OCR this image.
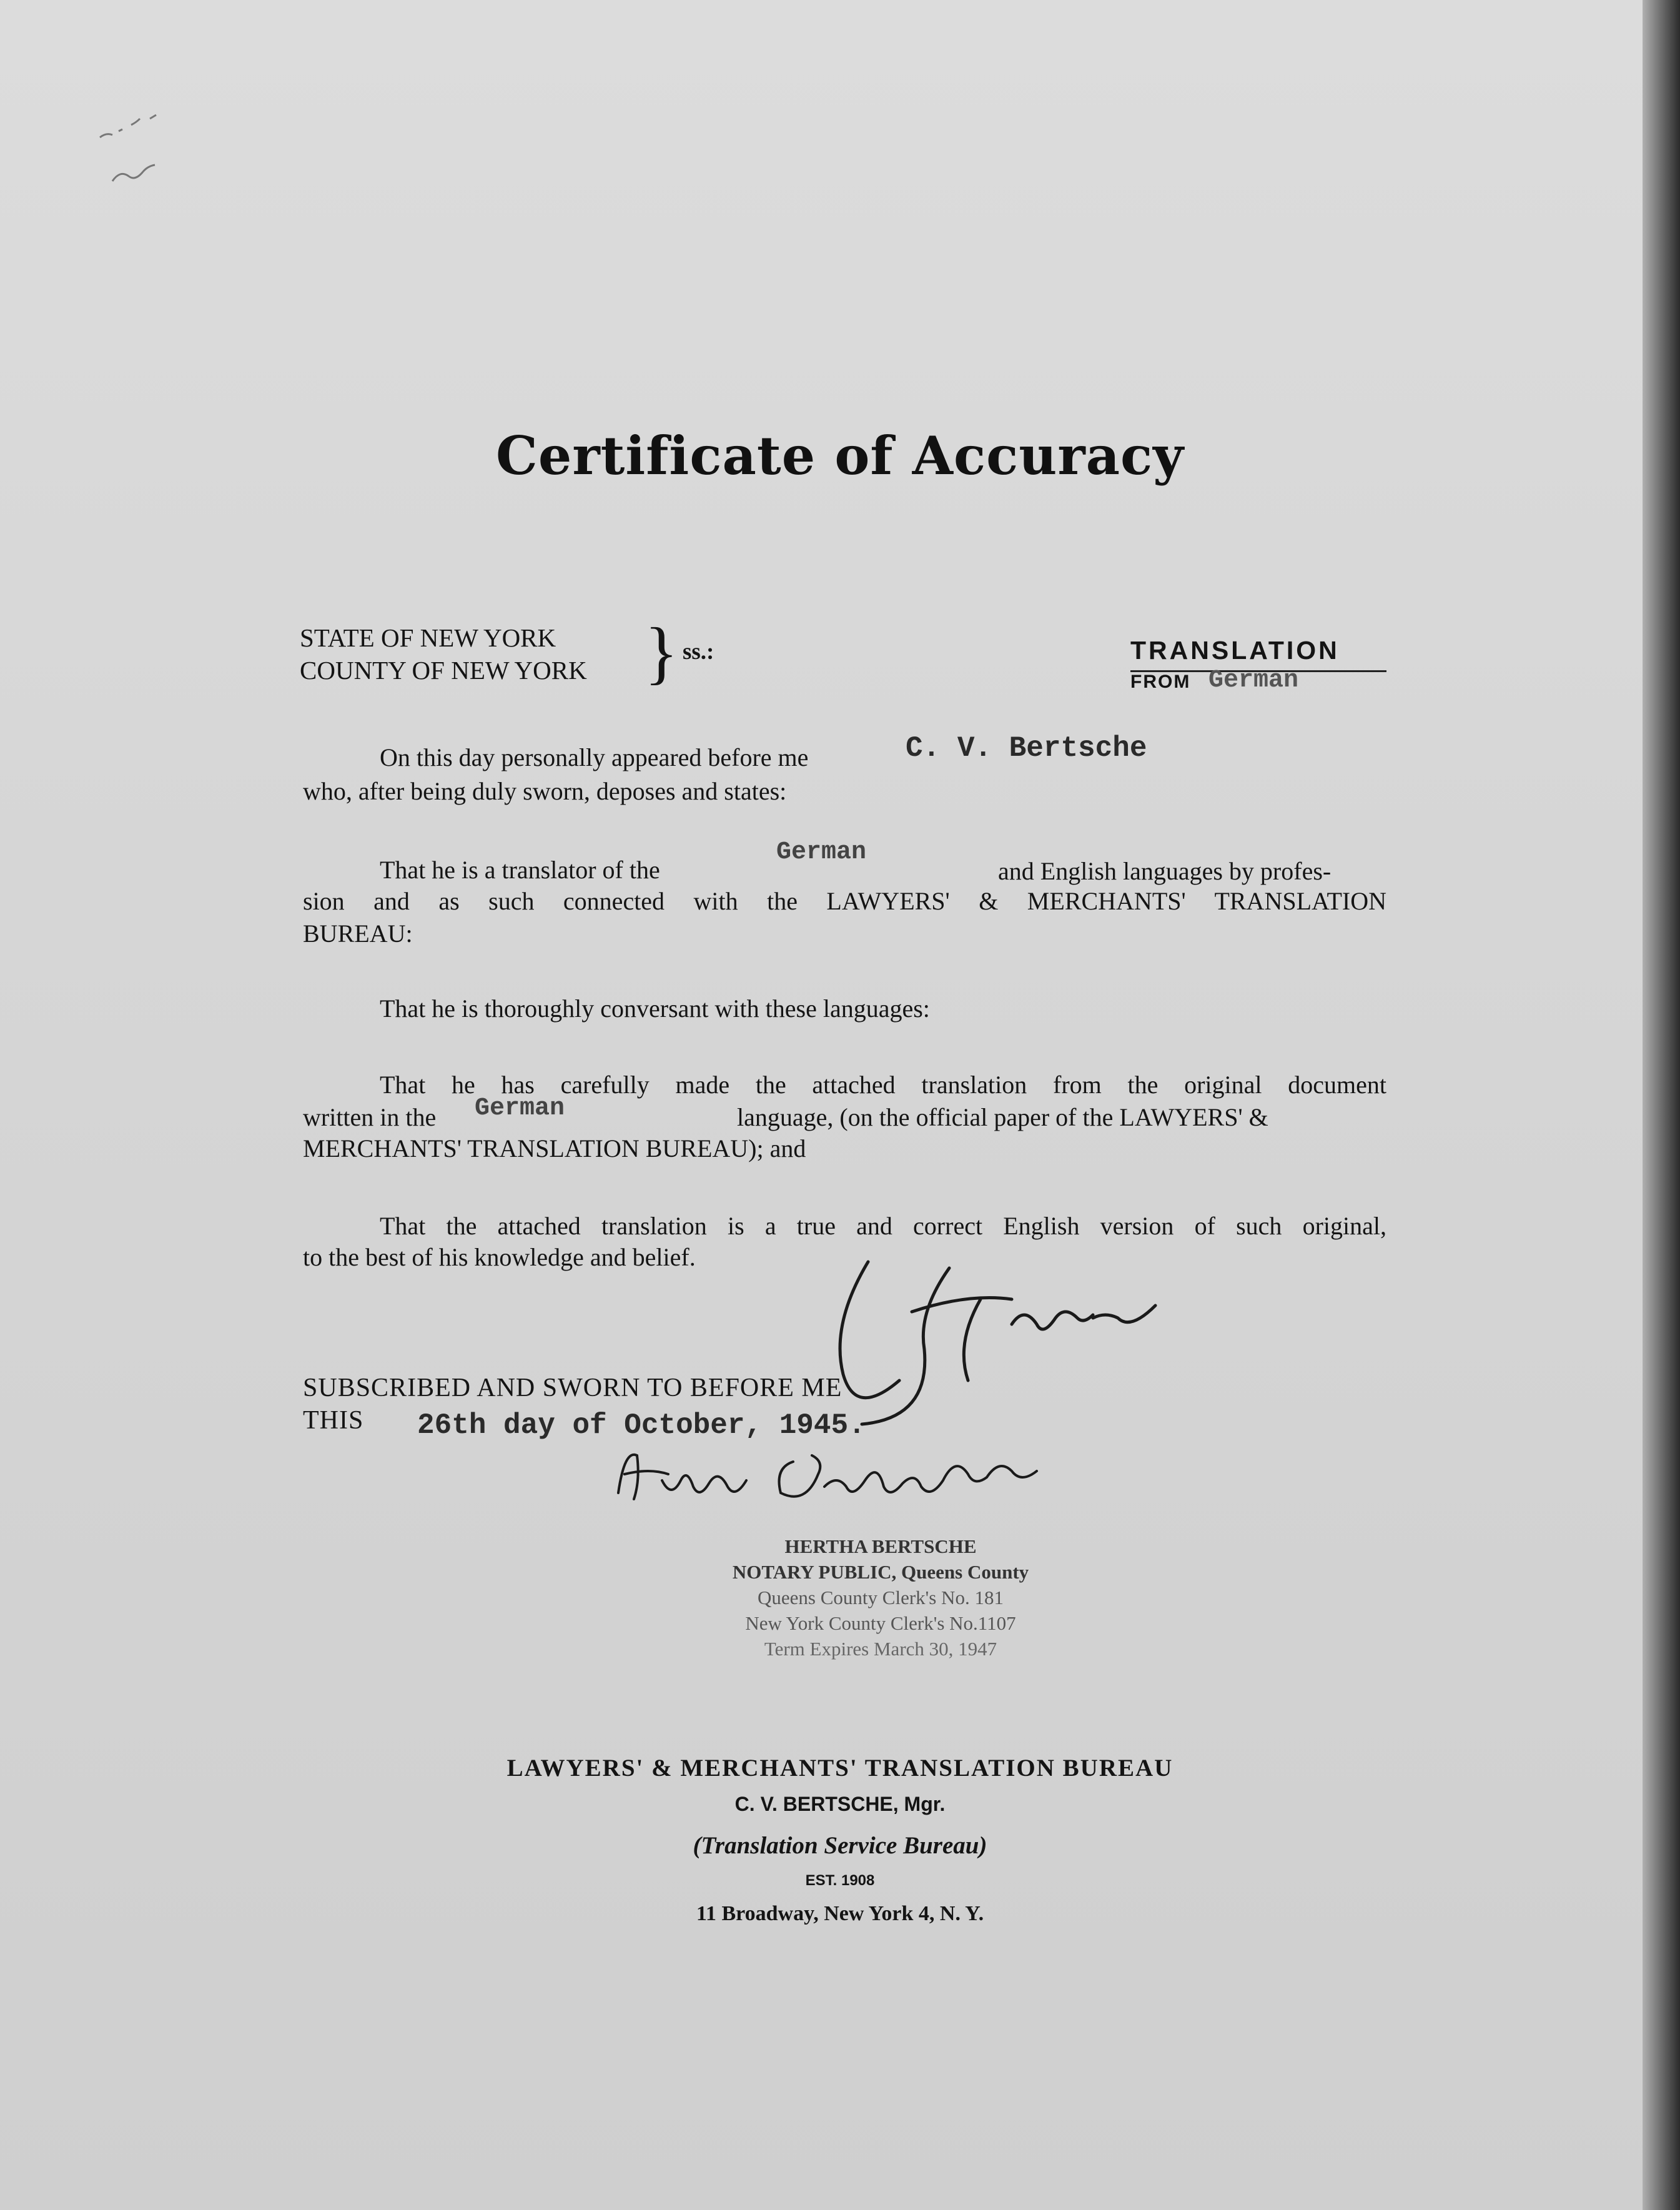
Certificate of Accuracy
STATE OF NEW YORK
COUNTY OF NEW YORK } ss.:	TRANSLATION
FROM German
On this day personally appeared before me	C. V. Bertsche
who, after being duly sworn, deposes and states:
That he is a translator of the
German
and English languages by profes-
sion and as such connected with the LAWYERS' & MERCHANTS' TRANSLATION
BUREAU:
That he is thoroughly conversant with these languages:
That he has carefully made the attached translation from the original document
written in the German	language, (on the official paper of the LAWYERS' &
MERCHANTS' TRANSLATION BUREAU); and
That the attached translation is a true and correct English version of such original,
to the best of his knowledge and belief.
SUBSCRIBED AND SWORN TO BEFORE ME
THIS 26th day of October, 1945.
HERTHA BERTSCHE
NOTARY PUBLIC, Queens County
Queens County Clerk's No. 181
New York County Clerk's No.1107
Term Expires March 30, 1947
LAWYERS' & MERCHANTS' TRANSLATION BUREAU
C. V. BERTSCHE, Mgr.
(Translation Service Bureau)
EST. 1908
11 Broadway, New York 4, N. Y.
